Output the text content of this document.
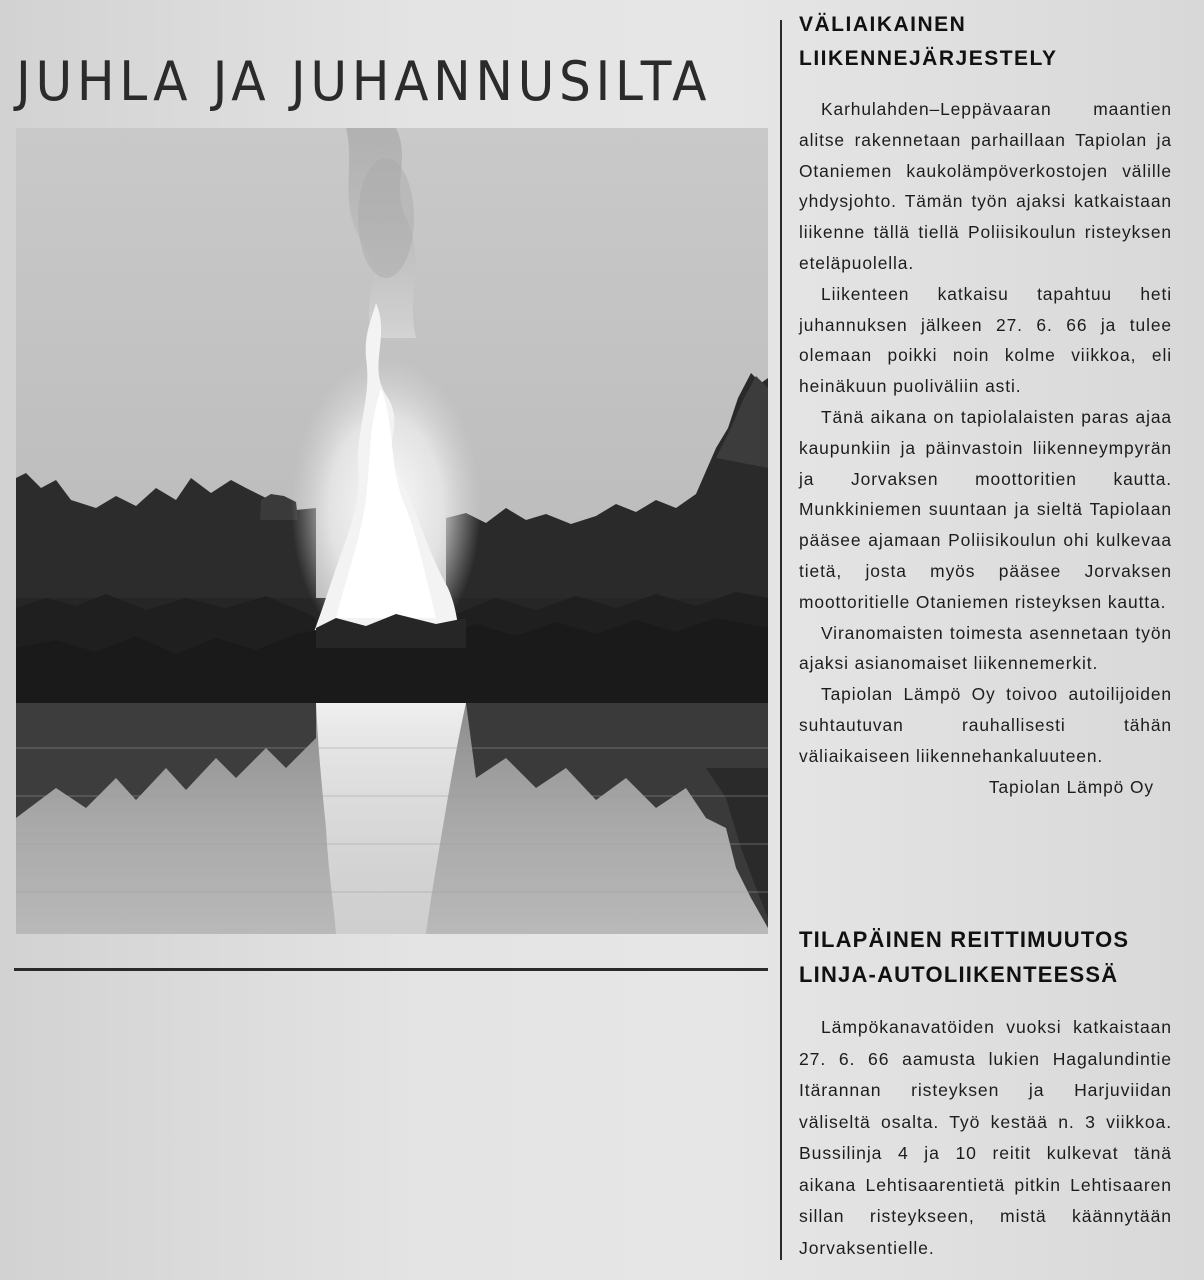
JUHLA JA JUHANNUSILTA
VÄLIAIKAINEN
LIIKENNEJÄRJESTELY

Karhulahden–Leppävaaran maantien alitse rakennetaan parhaillaan Tapiolan ja Otaniemen kaukolämpöverkostojen välille yhdysjohto. Tämän työn ajaksi katkaistaan liikenne tällä tiellä Poliisikoulun risteyksen eteläpuolella.

Liikenteen katkaisu tapahtuu heti juhannuksen jälkeen 27. 6. 66 ja tulee olemaan poikki noin kolme viikkoa, eli heinäkuun puoliväliin asti.

Tänä aikana on tapiolalaisten paras ajaa kaupunkiin ja päinvastoin liikenneympyrän ja Jorvaksen moottoritien kautta. Munkkiniemen suuntaan ja sieltä Tapiolaan pääsee ajamaan Poliisikoulun ohi kulkevaa tietä, josta myös pääsee Jorvaksen moottoritielle Otaniemen risteyksen kautta.

Viranomaisten toimesta asennetaan työn ajaksi asianomaiset liikennemerkit.

Tapiolan Lämpö Oy toivoo autoilijoiden suhtautuvan rauhallisesti tähän väliaikaiseen liikennehankaluuteen.

Tapiolan Lämpö Oy

TILAPÄINEN REITTIMUUTOS
LINJA-AUTOLIIKENTEESSÄ

Lämpökanavatöiden vuoksi katkaistaan 27. 6. 66 aamusta lukien Hagalundintie Itärannan risteyksen ja Harjuviidan väliseltä osalta. Työ kestää n. 3 viikkoa. Bussilinja 4 ja 10 reitit kulkevat tänä aikana Lehtisaarentietä pitkin Lehtisaaren sillan risteykseen, mistä käännytään Jorvaksentielle.
